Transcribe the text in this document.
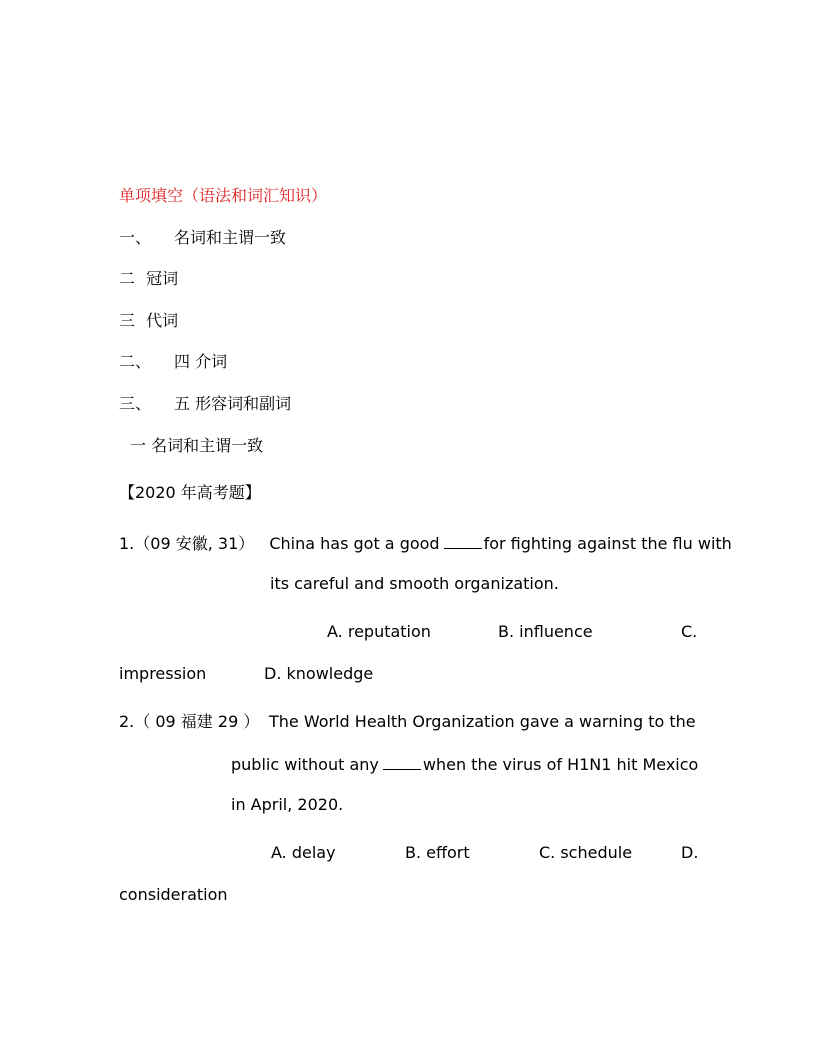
单项填空（语法和词汇知识）
一、 名词和主谓一致
二 冠词
三 代词
二、 四 介词
三、 五 形容词和副词
一 名词和主谓一致
【2020 年高考题】
1.（09 安徽, 31） China has got a good	for fighting against the flu with
its careful and smooth organization.
A. reputation	B. influence	C.
impression	D. knowledge
2.（ 09 福建 29 ） The World Health Organization gave a warning to the
public without any	when the virus of H1N1 hit Mexico
in April, 2020.
A. delay	B. effort	C. schedule	D.
consideration
